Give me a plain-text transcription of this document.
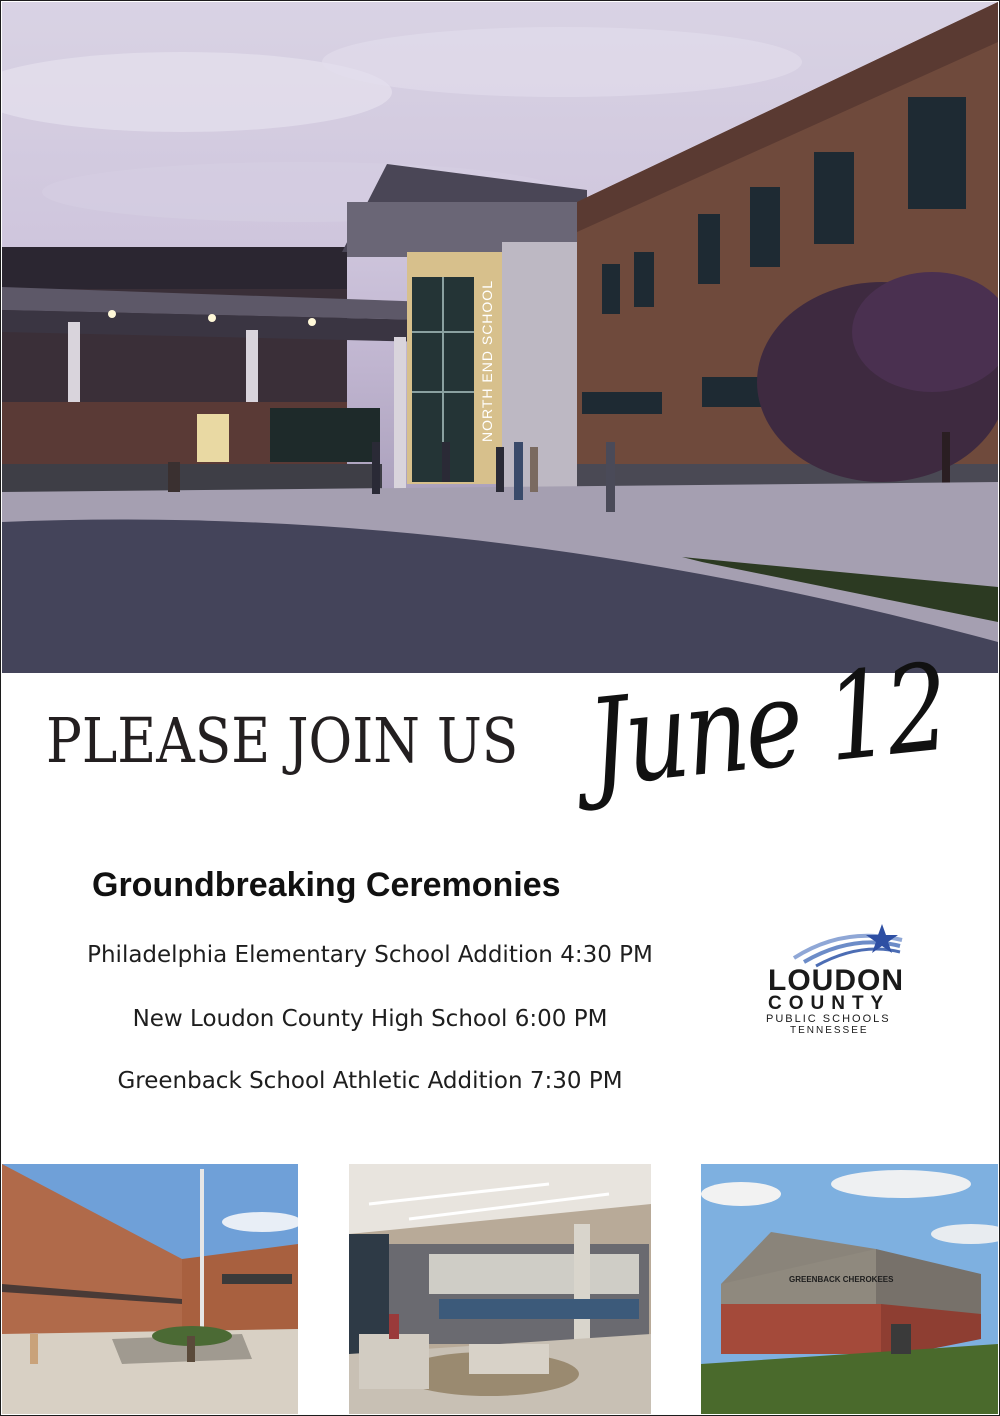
NORTH END SCHOOL
PLEASE JOIN US June 12
Groundbreaking Ceremonies
Philadelphia Elementary School Addition 4:30 PM
New Loudon County High School 6:00 PM
Greenback School Athletic Addition 7:30 PM
LOUDON
COUNTY
PUBLIC SCHOOLS
TENNESSEE
GREENBACK CHEROKEES
